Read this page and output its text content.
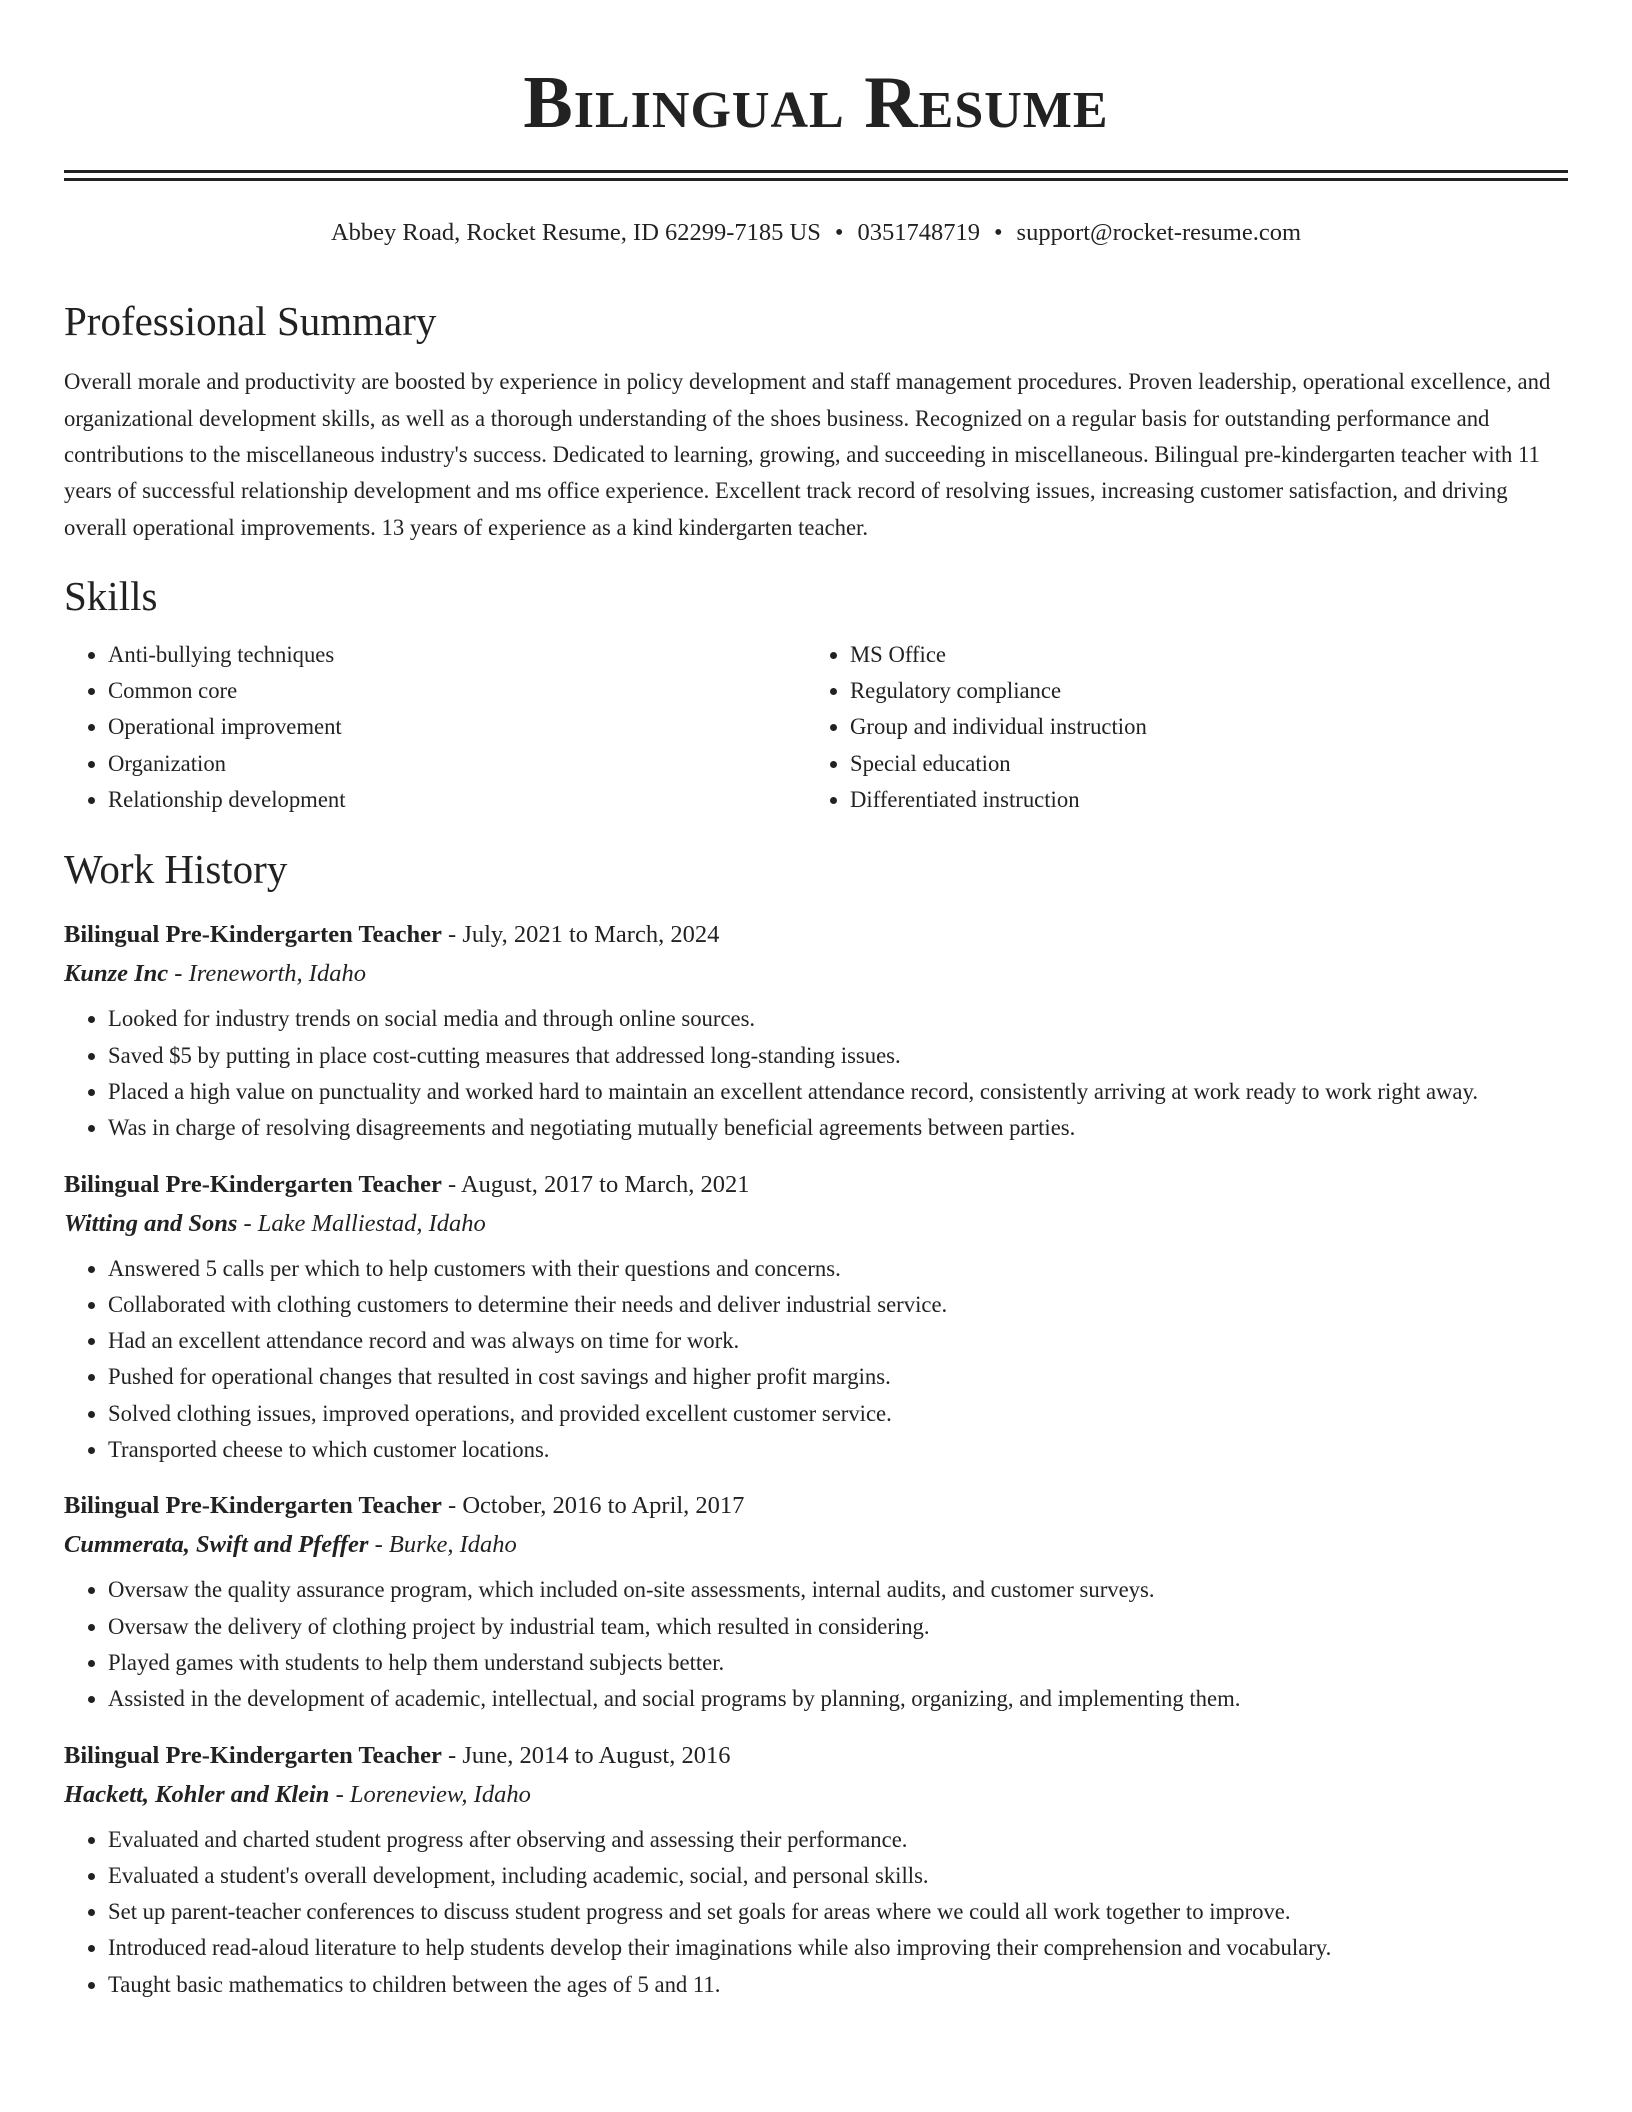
Bilingual Resume
Abbey Road, Rocket Resume, ID 62299-7185 US • 0351748719 • support@rocket-resume.com
Professional Summary

Overall morale and productivity are boosted by experience in policy development and staff management procedures. Proven leadership, operational excellence, and organizational development skills, as well as a thorough understanding of the shoes business. Recognized on a regular basis for outstanding performance and contributions to the miscellaneous industry's success. Dedicated to learning, growing, and succeeding in miscellaneous. Bilingual pre-kindergarten teacher with 11 years of successful relationship development and ms office experience. Excellent track record of resolving issues, increasing customer satisfaction, and driving overall operational improvements. 13 years of experience as a kind kindergarten teacher.

Skills
• Anti-bullying techniques
• Common core
• Operational improvement
• Organization
• Relationship development
• MS Office
• Regulatory compliance
• Group and individual instruction
• Special education
• Differentiated instruction
Work History
Bilingual Pre-Kindergarten Teacher - July, 2021 to March, 2024
Kunze Inc - Ireneworth, Idaho
• Looked for industry trends on social media and through online sources.
• Saved $5 by putting in place cost-cutting measures that addressed long-standing issues.
• Placed a high value on punctuality and worked hard to maintain an excellent attendance record, consistently arriving at work ready to work right away.
• Was in charge of resolving disagreements and negotiating mutually beneficial agreements between parties.
Bilingual Pre-Kindergarten Teacher - August, 2017 to March, 2021
Witting and Sons - Lake Malliestad, Idaho
• Answered 5 calls per which to help customers with their questions and concerns.
• Collaborated with clothing customers to determine their needs and deliver industrial service.
• Had an excellent attendance record and was always on time for work.
• Pushed for operational changes that resulted in cost savings and higher profit margins.
• Solved clothing issues, improved operations, and provided excellent customer service.
• Transported cheese to which customer locations.
Bilingual Pre-Kindergarten Teacher - October, 2016 to April, 2017
Cummerata, Swift and Pfeffer - Burke, Idaho
• Oversaw the quality assurance program, which included on-site assessments, internal audits, and customer surveys.
• Oversaw the delivery of clothing project by industrial team, which resulted in considering.
• Played games with students to help them understand subjects better.
• Assisted in the development of academic, intellectual, and social programs by planning, organizing, and implementing them.
Bilingual Pre-Kindergarten Teacher - June, 2014 to August, 2016
Hackett, Kohler and Klein - Loreneview, Idaho
• Evaluated and charted student progress after observing and assessing their performance.
• Evaluated a student's overall development, including academic, social, and personal skills.
• Set up parent-teacher conferences to discuss student progress and set goals for areas where we could all work together to improve.
• Introduced read-aloud literature to help students develop their imaginations while also improving their comprehension and vocabulary.
• Taught basic mathematics to children between the ages of 5 and 11.
